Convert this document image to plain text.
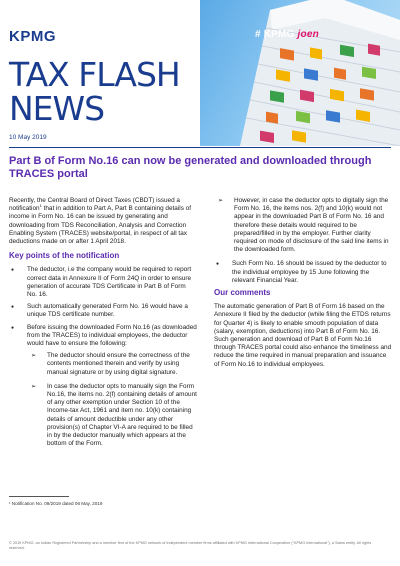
KPMG
TAX FLASH
NEWS
10 May 2019
# KPMG joen
Part B of Form No.16 can now be generated and downloaded through TRACES portal

Recently, the Central Board of Direct Taxes (CBDT) issued a notification$^1$ that in addition to Part A, Part B containing details of income in Form No. 16 can be issued by generating and downloading from TDS Reconciliation, Analysis and Correction Enabling System (TRACES) website/portal, in respect of all tax deductions made on or after 1 April 2018.

Key points of the notification
● The deductor, i.e the company would be required to report correct data in Annexure II of Form 24Q in order to ensure generation of accurate TDS Certificate in Part B of Form No. 16.
● Such automatically generated Form No. 16 would have a unique TDS certificate number.
● Before issuing the downloaded Form No.16 (as downloaded from the TRACES) to individual employees, the deductor would have to ensure the following:
➢ The deductor should ensure the correctness of the contents mentioned therein and verify by using manual signature or by using digital signature.
➢ In case the deductor opts to manually sign the Form No.16, the items no. 2(f) containing details of amount of any other exemption under Section 10 of the Income-tax Act, 1961 and item no. 10(k) containing details of amount deductible under any other provision(s) of Chapter VI-A are required to be filled in by the deductor manually which appears at the bottom of the Form.
➢ However, in case the deductor opts to digitally sign the Form No. 16, the items nos. 2(f) and 10(k) would not appear in the downloaded Part B of Form No. 16 and therefore these details would required to be prepared/filled in by the employer. Further clarity required on mode of disclosure of the said line items in the downloaded form.
● Such Form No. 16 should be issued by the deductor to the individual employee by 15 June following the relevant Financial Year.
Our comments

The automatic generation of Part B of Form 16 based on the Annexure II filed by the deductor (while filing the ETDS returns for Quarter 4) is likely to enable smooth population of data (salary, exemption, deductions) into Part B of Form No. 16. Such generation and download of Part B of Form No.16 through TRACES portal could also enhance the timeliness and reduce the time required in manual preparation and issuance of Form No.16 to individual employees.

¹ Notification No. 09/2019 dated 06 May, 2019
© 2019 KPMG, an Indian Registered Partnership and a member firm of the KPMG network of independent member firms affiliated with KPMG International Cooperative ("KPMG International"), a Swiss entity. All rights reserved.
